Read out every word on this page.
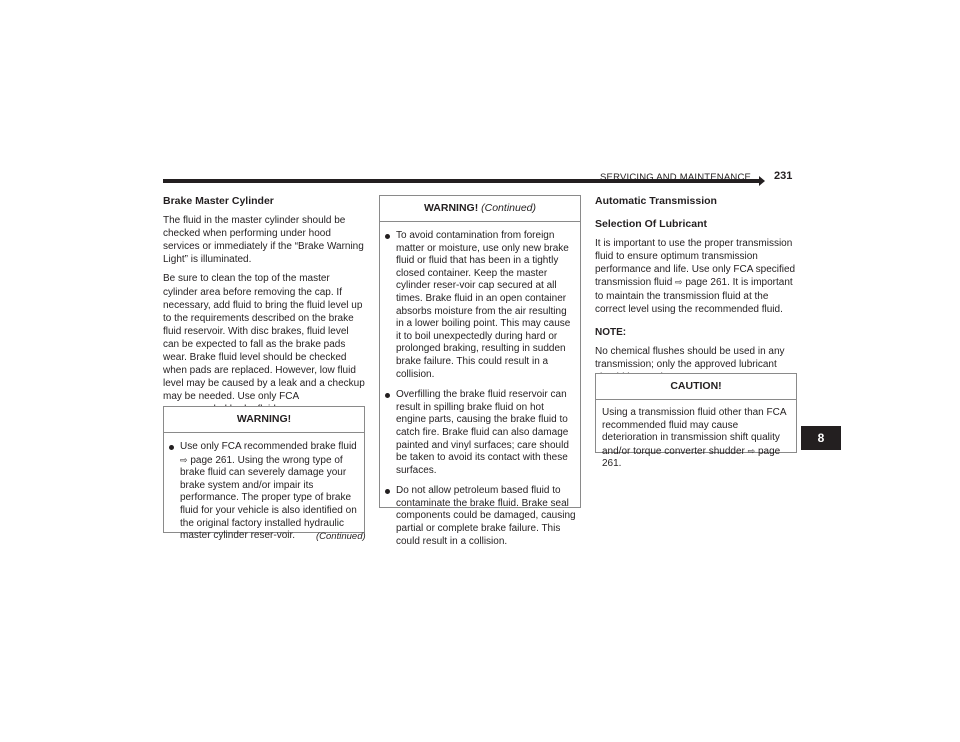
SERVICING AND MAINTENANCE 231

Brake Master Cylinder

The fluid in the master cylinder should be checked when performing under hood services or immediately if the “Brake Warning Light” is illuminated.

Be sure to clean the top of the master cylinder area before removing the cap. If necessary, add fluid to bring the fluid level up to the requirements described on the brake fluid reservoir. With disc brakes, fluid level can be expected to fall as the brake pads wear. Brake fluid level should be checked when pads are replaced. However, low fluid level may be caused by a leak and a checkup may be needed. Use only FCA

WARNING!
Use only FCA recommended brake fluid
⇨ page 261. Using the wrong type of brake fluid can severely damage your brake system and/or impair its performance. The proper type of brake fluid for your vehicle is also identified on the original factory installed hydraulic master cylinder reser-voir.	(Continued)
WARNING! (Continued)
To avoid contamination from foreign matter or moisture, use only new brake fluid or fluid that has been in a tightly closed container. Keep the master cylinder reser-voir cap secured at all times. Brake fluid in an open container absorbs moisture from the air resulting in a lower boiling point. This may cause it to boil unexpectedly during hard or prolonged braking, resulting in sudden brake failure. This could result in a collision.
Overfilling the brake fluid reservoir can result in spilling brake fluid on hot engine parts, causing the brake fluid to catch fire. Brake fluid can also damage painted and vinyl surfaces; care should be taken to avoid its contact with these surfaces.
Do not allow petroleum based fluid to contaminate the brake fluid. Brake seal components could be damaged, causing partial or complete brake failure. This could result in a collision.

Automatic Transmission

Selection Of Lubricant

It is important to use the proper transmission fluid to ensure optimum transmission performance and life. Use only FCA specified transmission fluid ⇨ page 261. It is important to maintain the transmission fluid at the correct level using the recommended fluid.

NOTE:

No chemical flushes should be used in any transmission; only the approved lubricant

CAUTION!
Using a transmission fluid other than FCA recommended fluid may cause deterioration in transmission shift quality and/or torque converter shudder ⇨ page 261.
8
